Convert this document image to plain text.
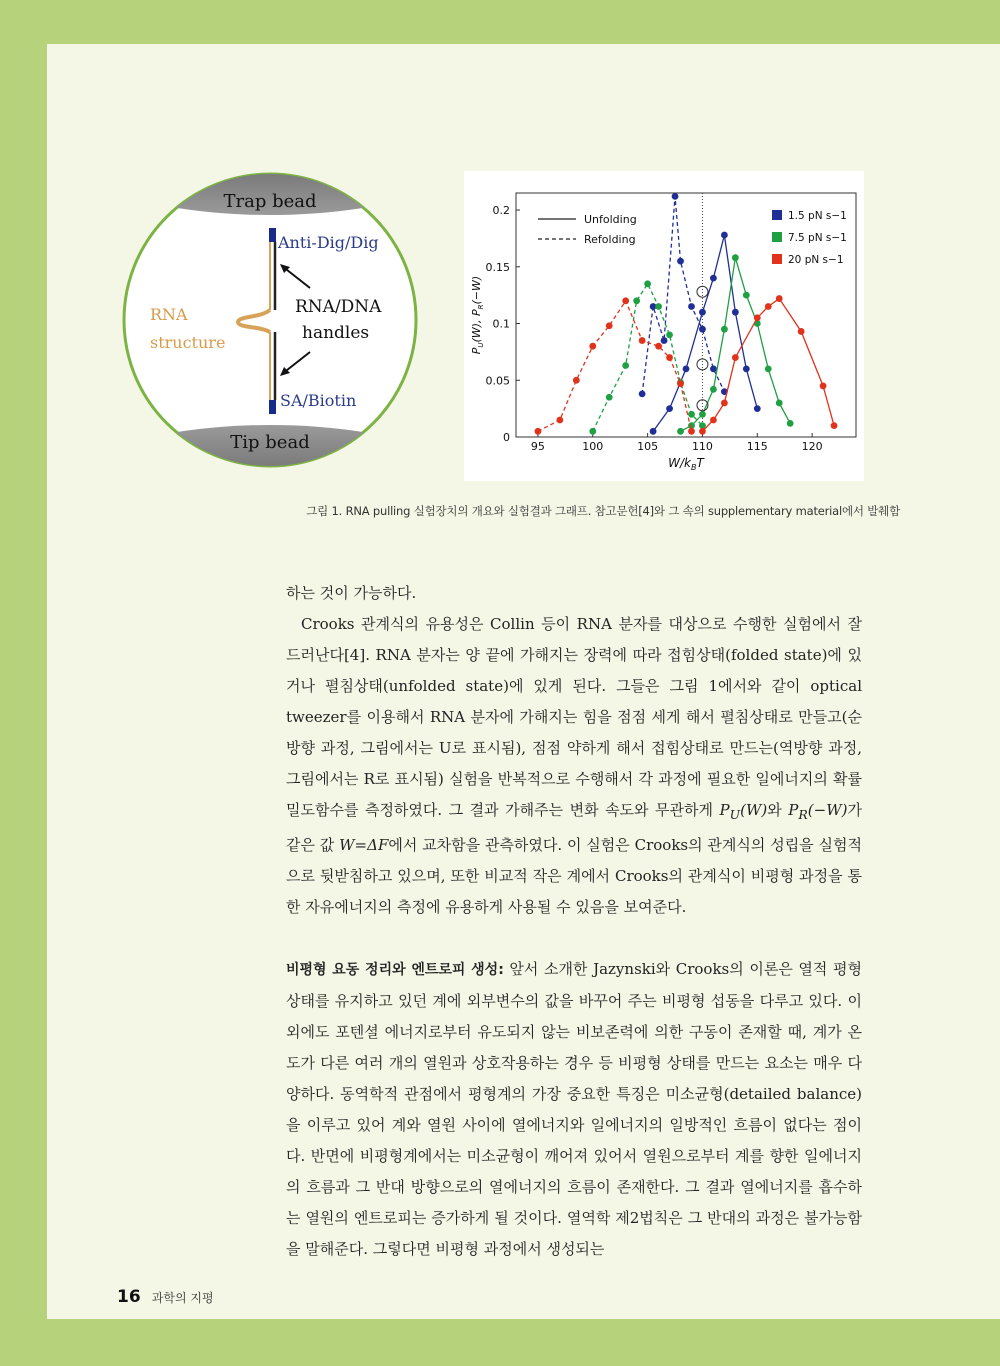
Trap bead
Tip bead
Anti-Dig/Dig
RNA/DNA
handles
RNA
structure
SA/Biotin
95	100	105	110	115	120
0
0.05
0.1
0.15
0.2
Unfolding
Refolding
1.5 pN s−1
7.5 pN s−1
20 pN s−1
$W/k_BT$
$P_U(W)$, $P_R(-W)$
그림 1. RNA pulling 실험장치의 개요와 실험결과 그래프. 참고문헌[4]와 그 속의 supplementary material에서 발췌함

하는 것이 가능하다.

Crooks 관계식의 유용성은 Collin 등이 RNA 분자를 대상으로 수행한 실험에서 잘 드러난다[4]. RNA 분자는 양 끝에 가해지는 장력에 따라 접힘상태(folded state)에 있거나 펼침상태(unfolded state)에 있게 된다. 그들은 그림 1에서와 같이 optical tweezer를 이용해서 RNA 분자에 가해지는 힘을 점점 세게 해서 펼침상태로 만들고(순방향 과정, 그림에서는 U로 표시됨), 점점 약하게 해서 접힘상태로 만드는(역방향 과정, 그림에서는 R로 표시됨) 실험을 반복적으로 수행해서 각 과정에 필요한 일에너지의 확률밀도함수를 측정하였다. 그 결과 가해주는 변화 속도와 무관하게 $P_U(W)$와 $P_R(-W)$가 같은 값 W=ΔF에서 교차함을 관측하였다. 이 실험은 Crooks의 관계식의 성립을 실험적으로 뒷받침하고 있으며, 또한 비교적 작은 계에서 Crooks의 관계식이 비평형 과정을 통한 자유에너지의 측정에 유용하게 사용될 수 있음을 보여준다.

비평형 요동 정리와 엔트로피 생성: 앞서 소개한 Jazynski와 Crooks의 이론은 열적 평형상태를 유지하고 있던 계에 외부변수의 값을 바꾸어 주는 비평형 섭동을 다루고 있다. 이외에도 포텐셜 에너지로부터 유도되지 않는 비보존력에 의한 구동이 존재할 때, 계가 온도가 다른 여러 개의 열원과 상호작용하는 경우 등 비평형 상태를 만드는 요소는 매우 다양하다. 동역학적 관점에서 평형계의 가장 중요한 특징은 미소균형(detailed balance)을 이루고 있어 계와 열원 사이에 열에너지와 일에너지의 일방적인 흐름이 없다는 점이다. 반면에 비평형계에서는 미소균형이 깨어져 있어서 열원으로부터 계를 향한 일에너지의 흐름과 그 반대 방향으로의 열에너지의 흐름이 존재한다. 그 결과 열에너지를 흡수하는 열원의 엔트로피는 증가하게 될 것이다. 열역학 제2법칙은 그 반대의 과정은 불가능함을 말해준다. 그렇다면 비평형 과정에서 생성되는

16 과학의 지평
